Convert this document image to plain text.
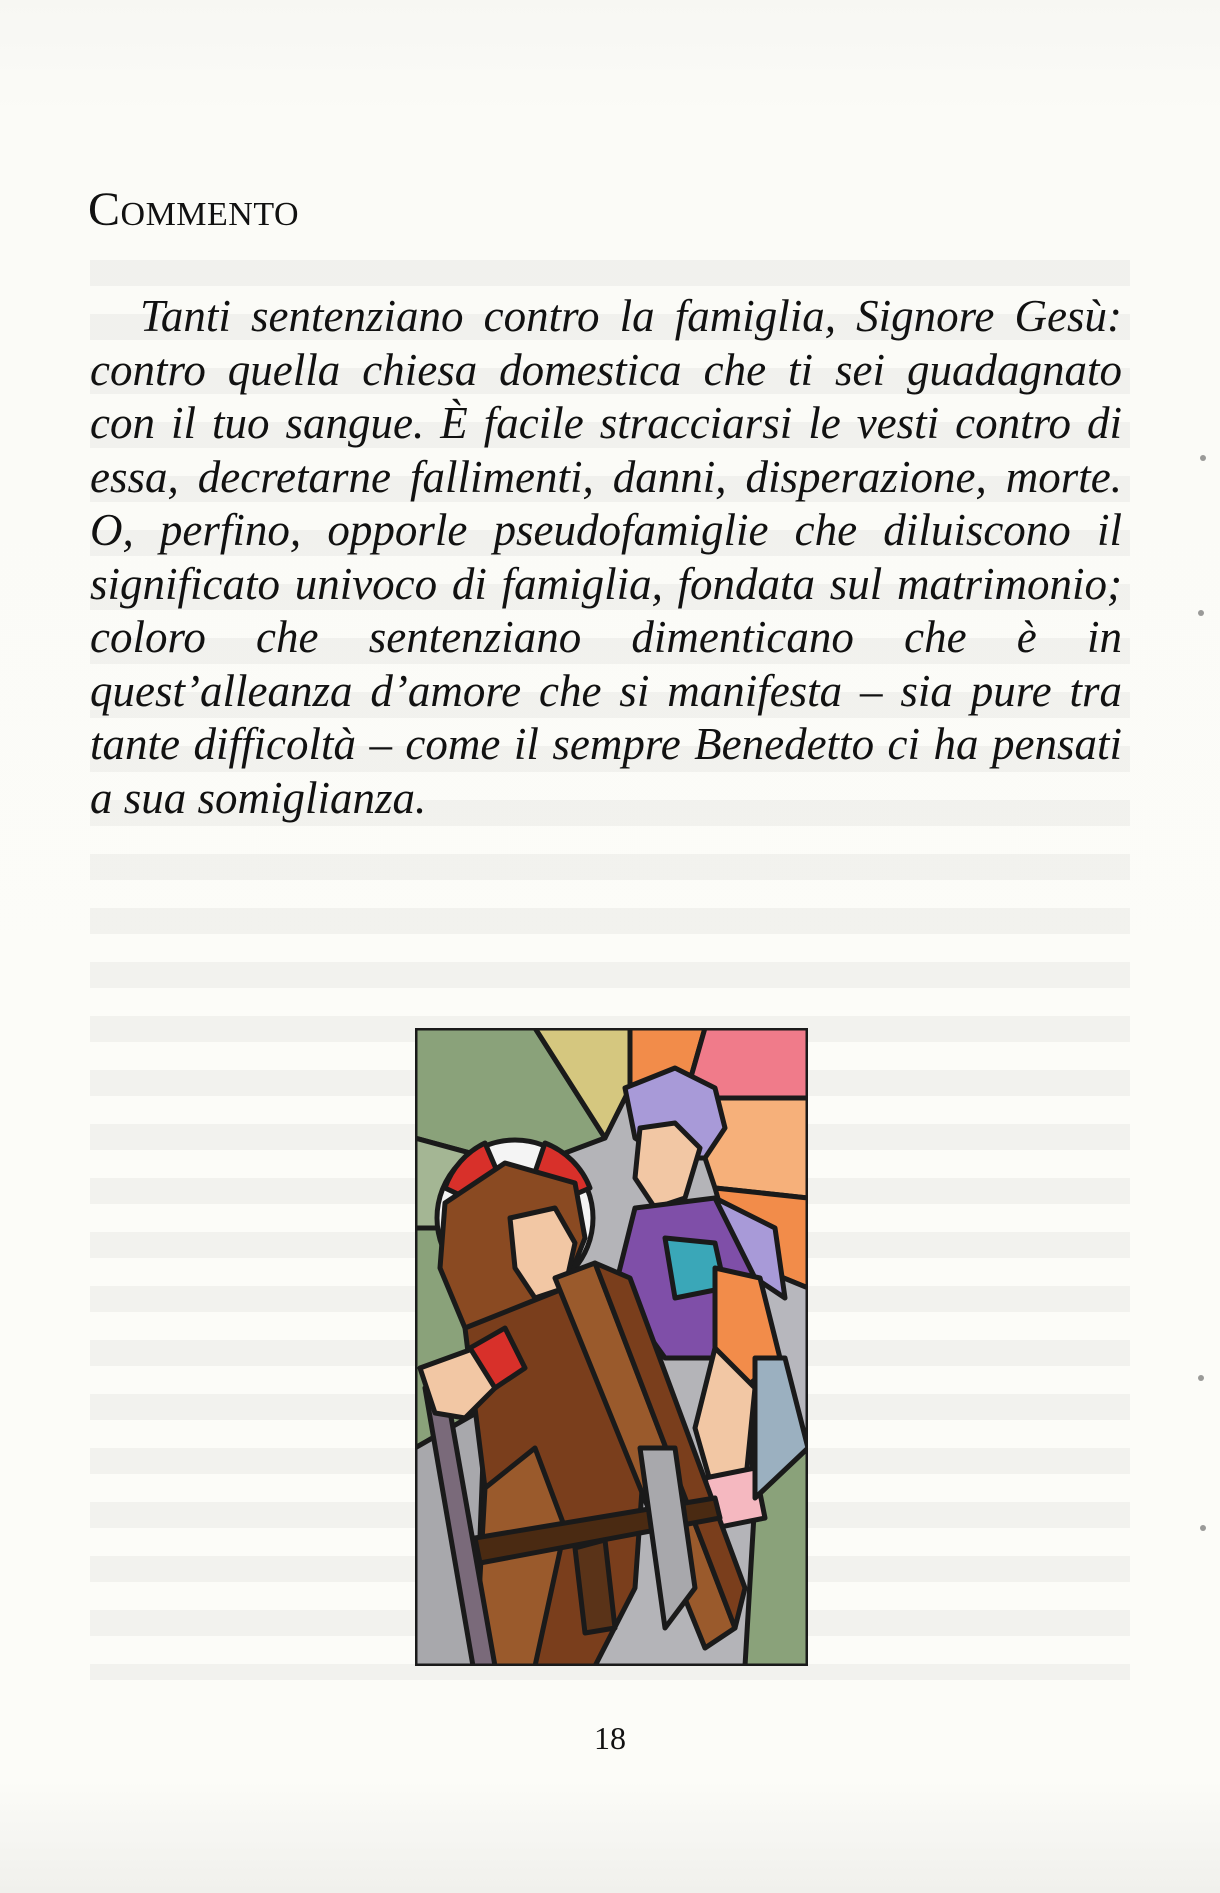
Commento

Tanti sentenziano contro la famiglia, Signore Gesù: contro quella chiesa domestica che ti sei guadagnato con il tuo sangue. È facile stracciarsi le vesti contro di essa, decretarne fallimenti, danni, disperazione, morte. O, perfino, opporle pseudofamiglie che diluiscono il significato univoco di famiglia, fondata sul matrimonio; coloro che sentenziano dimenticano che è in quest’alleanza d’amore che si manifesta – sia pure tra tante difficoltà – come il sempre Benedetto ci ha pensati a sua somiglianza.

18
